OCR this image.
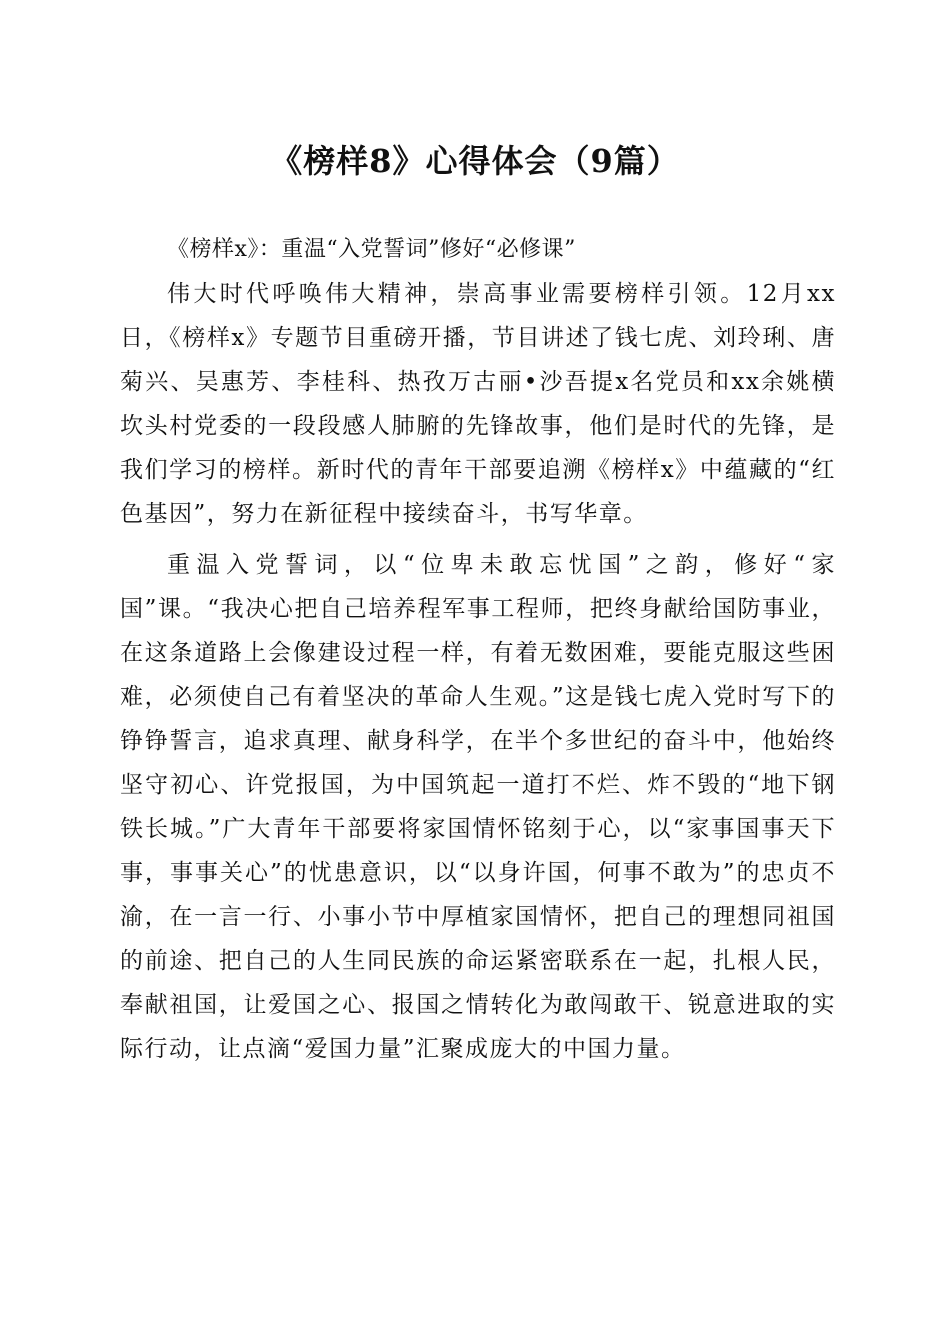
《榜样8》心得体会（9篇）

《榜样x》：重温“入党誓词”修好“必修课”

伟大时代呼唤伟大精神，崇高事业需要榜样引领。12月xx日，《榜样x》专题节目重磅开播，节目讲述了钱七虎、刘玲琍、唐菊兴、吴惠芳、李桂科、热孜万古丽•沙吾提x名党员和xx余姚横坎头村党委的一段段感人肺腑的先锋故事，他们是时代的先锋，是我们学习的榜样。新时代的青年干部要追溯《榜样x》中蕴藏的“红色基因”，努力在新征程中接续奋斗，书写华章。

重温入党誓词，以“位卑未敢忘忧国”之韵，修好“家国”课。“我决心把自己培养程军事工程师，把终身献给国防事业，在这条道路上会像建设过程一样，有着无数困难，要能克服这些困难，必须使自己有着坚决的革命人生观。”这是钱七虎入党时写下的铮铮誓言，追求真理、献身科学，在半个多世纪的奋斗中，他始终坚守初心、许党报国，为中国筑起一道打不烂、炸不毁的“地下钢铁长城。”广大青年干部要将家国情怀铭刻于心，以“家事国事天下事，事事关心”的忧患意识，以“以身许国，何事不敢为”的忠贞不渝，在一言一行、小事小节中厚植家国情怀，把自己的理想同祖国的前途、把自己的人生同民族的命运紧密联系在一起，扎根人民，奉献祖国，让爱国之心、报国之情转化为敢闯敢干、锐意进取的实际行动，让点滴“爱国力量”汇聚成庞大的中国力量。
